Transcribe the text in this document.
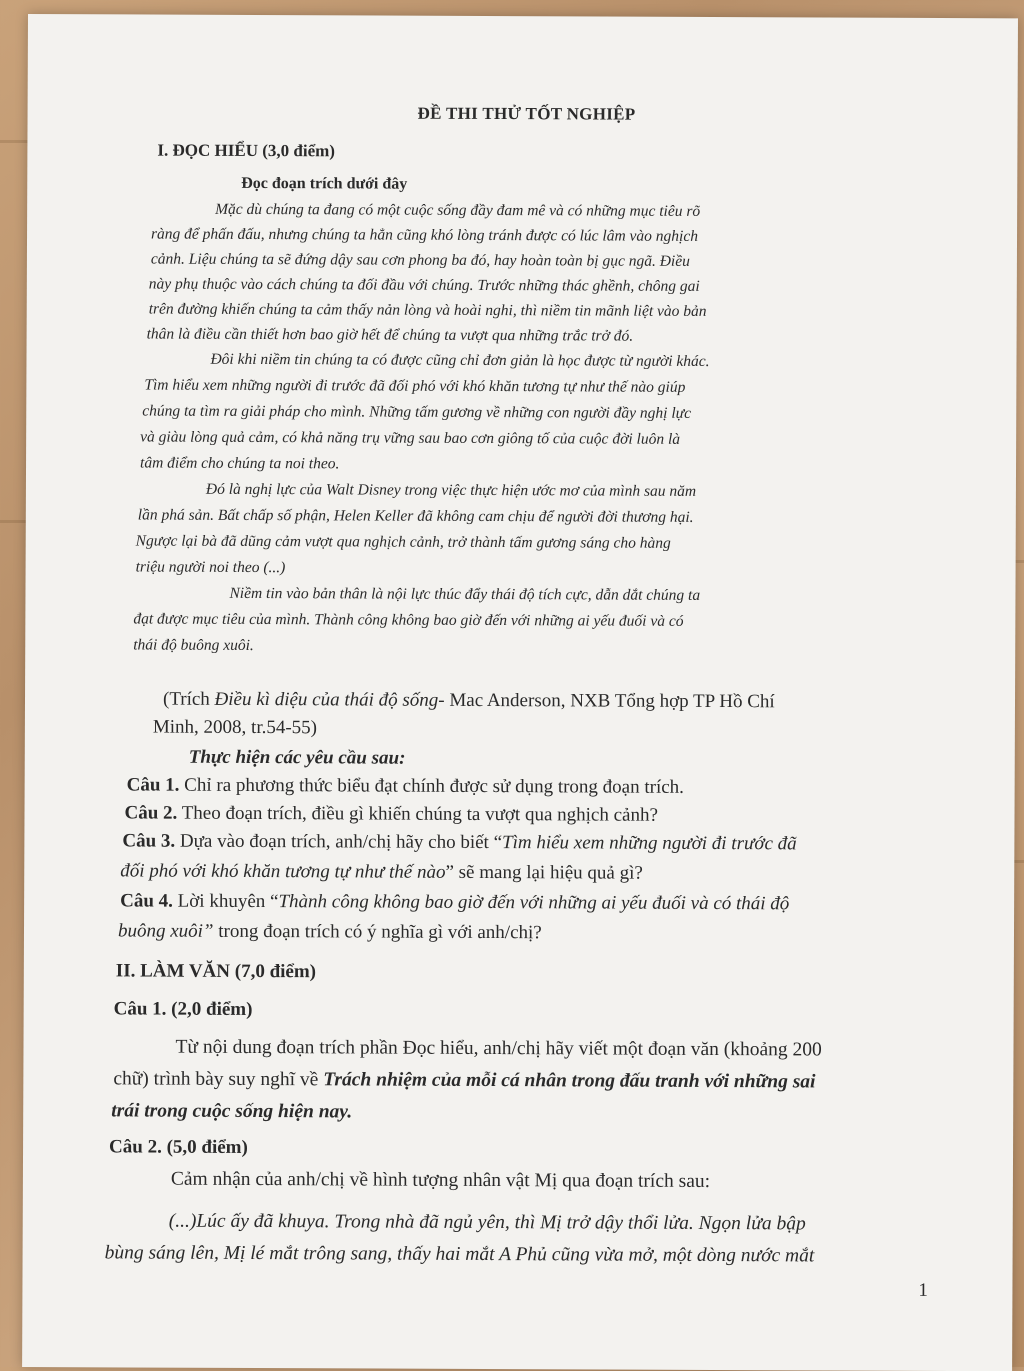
ĐỀ THI THỬ TỐT NGHIỆP
I. ĐỌC HIỂU (3,0 điểm)
Đọc đoạn trích dưới đây
Mặc dù chúng ta đang có một cuộc sống đầy đam mê và có những mục tiêu rõ
ràng để phấn đấu, nhưng chúng ta hẳn cũng khó lòng tránh được có lúc lâm vào nghịch
cảnh. Liệu chúng ta sẽ đứng dậy sau cơn phong ba đó, hay hoàn toàn bị gục ngã. Điều
này phụ thuộc vào cách chúng ta đối đầu với chúng. Trước những thác ghềnh, chông gai
trên đường khiến chúng ta cảm thấy nản lòng và hoài nghi, thì niềm tin mãnh liệt vào bản
thân là điều cần thiết hơn bao giờ hết để chúng ta vượt qua những trắc trở đó.
Đôi khi niềm tin chúng ta có được cũng chỉ đơn giản là học được từ người khác.
Tìm hiểu xem những người đi trước đã đối phó với khó khăn tương tự như thế nào giúp
chúng ta tìm ra giải pháp cho mình. Những tấm gương về những con người đầy nghị lực
và giàu lòng quả cảm, có khả năng trụ vững sau bao cơn giông tố của cuộc đời luôn là
tâm điểm cho chúng ta noi theo.
Đó là nghị lực của Walt Disney trong việc thực hiện ước mơ của mình sau năm
lần phá sản. Bất chấp số phận, Helen Keller đã không cam chịu để người đời thương hại.
Ngược lại bà đã dũng cảm vượt qua nghịch cảnh, trở thành tấm gương sáng cho hàng
triệu người noi theo (...)
Niềm tin vào bản thân là nội lực thúc đẩy thái độ tích cực, dẫn dắt chúng ta
đạt được mục tiêu của mình. Thành công không bao giờ đến với những ai yếu đuối và có
thái độ buông xuôi.
(Trích Điều kì diệu của thái độ sống- Mac Anderson, NXB Tổng hợp TP Hồ Chí
Minh, 2008, tr.54-55)
Thực hiện các yêu cầu sau:
Câu 1. Chỉ ra phương thức biểu đạt chính được sử dụng trong đoạn trích.
Câu 2. Theo đoạn trích, điều gì khiến chúng ta vượt qua nghịch cảnh?
Câu 3. Dựa vào đoạn trích, anh/chị hãy cho biết “Tìm hiểu xem những người đi trước đã
đối phó với khó khăn tương tự như thế nào” sẽ mang lại hiệu quả gì?
Câu 4. Lời khuyên “Thành công không bao giờ đến với những ai yếu đuối và có thái độ
buông xuôi” trong đoạn trích có ý nghĩa gì với anh/chị?
II. LÀM VĂN (7,0 điểm)
Câu 1. (2,0 điểm)
Từ nội dung đoạn trích phần Đọc hiểu, anh/chị hãy viết một đoạn văn (khoảng 200
chữ) trình bày suy nghĩ về Trách nhiệm của mỗi cá nhân trong đấu tranh với những sai
trái trong cuộc sống hiện nay.
Câu 2. (5,0 điểm)
Cảm nhận của anh/chị về hình tượng nhân vật Mị qua đoạn trích sau:
(...)Lúc ấy đã khuya. Trong nhà đã ngủ yên, thì Mị trở dậy thổi lửa. Ngọn lửa bập
bùng sáng lên, Mị lé mắt trông sang, thấy hai mắt A Phủ cũng vừa mở, một dòng nước mắt
1
